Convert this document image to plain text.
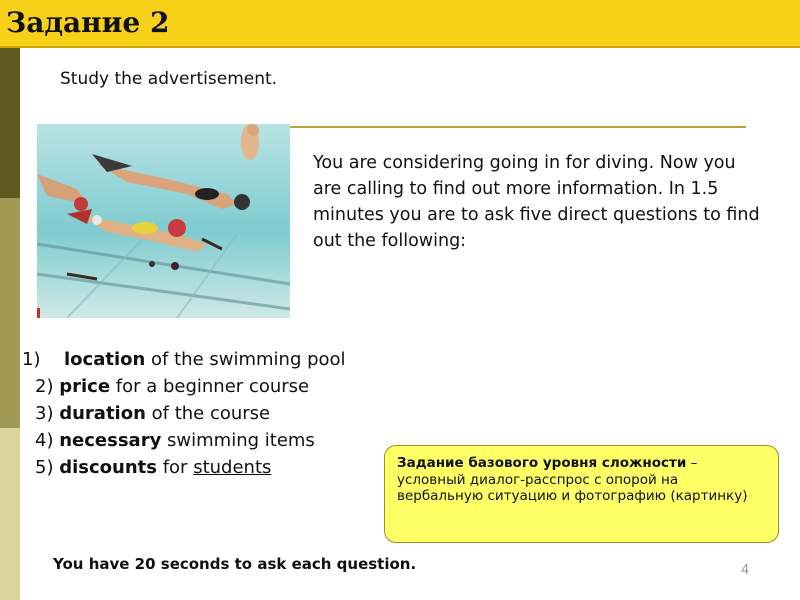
Задание 2
Study the advertisement.
You are considering going in for diving. Now you are calling to find out more information. In 1.5 minutes you are to ask five direct questions to find out the following:
1) location of the swimming pool
2) price for a beginner course
3) duration of the course
4) necessary swimming items
5) discounts for students	Задание базового уровня сложности –
условный диалог-расспрос с опорой на вербальную ситуацию и фотографию (картинку)
You have 20 seconds to ask each question.	4
